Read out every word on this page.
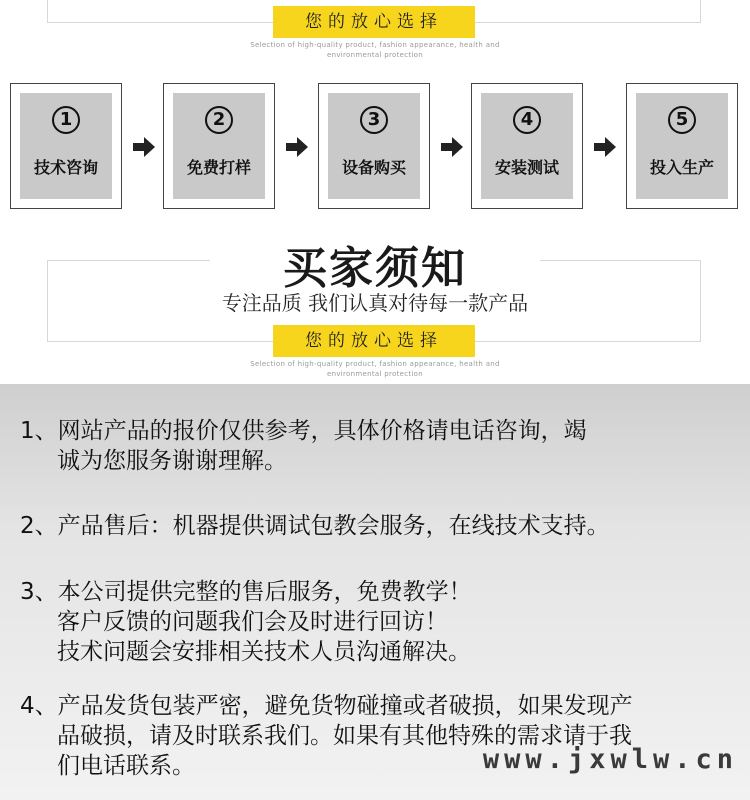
您的放心选择
Selection of high-quality product, fashion appearance, health and
environmental protection
1
技术咨询
2
免费打样
3
设备购买
4
安装测试
5
投入生产
买家须知
专注品质 我们认真对待每一款产品
您的放心选择
Selection of high-quality product, fashion appearance, health and
environmental protection

1、网站产品的报价仅供参考，具体价格请电话咨询，竭

诚为您服务谢谢理解。

2、产品售后：机器提供调试包教会服务，在线技术支持。

3、本公司提供完整的售后服务，免费教学！

客户反馈的问题我们会及时进行回访！

技术问题会安排相关技术人员沟通解决。

4、产品发货包装严密，避免货物碰撞或者破损，如果发现产

品破损，请及时联系我们。如果有其他特殊的需求请于我

们电话联系。	www.jxwlw.cn
